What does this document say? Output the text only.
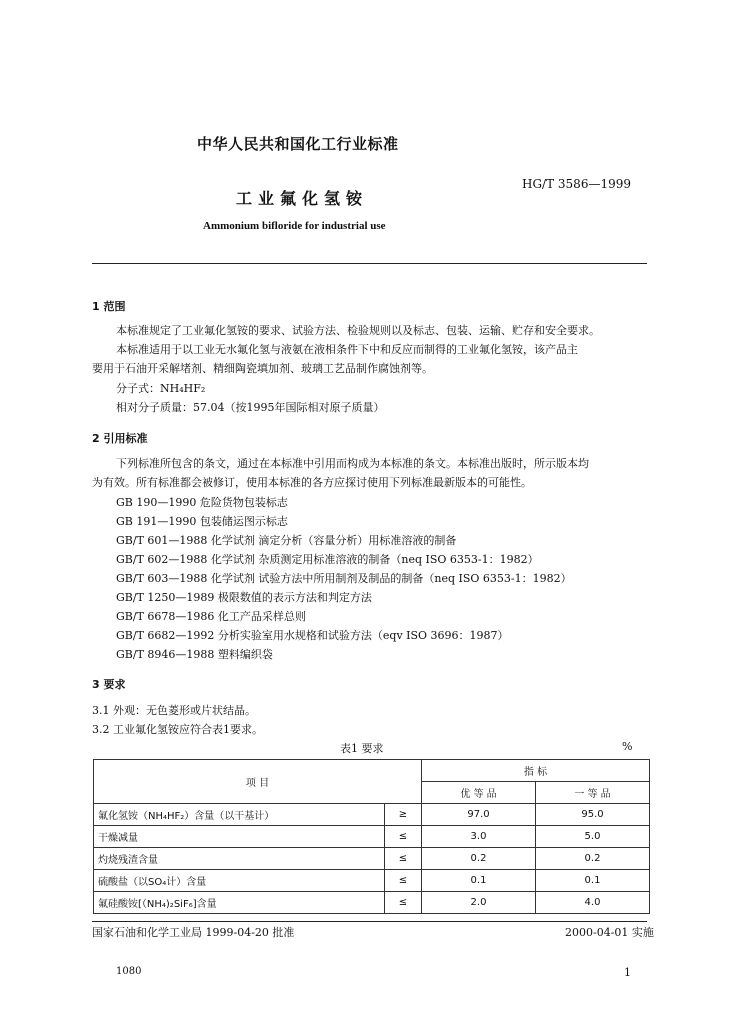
中华人民共和国化工行业标准
HG/T 3586—1999
工业氟化氢铵
Ammonium bifloride for industrial use
1 范围
本标准规定了工业氟化氢铵的要求、试验方法、检验规则以及标志、包装、运输、贮存和安全要求。
本标准适用于以工业无水氟化氢与液氨在液相条件下中和反应而制得的工业氟化氢铵，该产品主
要用于石油开采解堵剂、精细陶瓷填加剂、玻璃工艺品制作腐蚀剂等。
分子式：NH₄HF₂
相对分子质量：57.04（按1995年国际相对原子质量）
2 引用标准
下列标准所包含的条文，通过在本标准中引用而构成为本标准的条文。本标准出版时，所示版本均
为有效。所有标准都会被修订，使用本标准的各方应探讨使用下列标准最新版本的可能性。
GB 190—1990 危险货物包装标志
GB 191—1990 包装储运图示标志
GB/T 601—1988 化学试剂 滴定分析（容量分析）用标准溶液的制备
GB/T 602—1988 化学试剂 杂质测定用标准溶液的制备（neq ISO 6353-1：1982）
GB/T 603—1988 化学试剂 试验方法中所用制剂及制品的制备（neq ISO 6353-1：1982）
GB/T 1250—1989 极限数值的表示方法和判定方法
GB/T 6678—1986 化工产品采样总则
GB/T 6682—1992 分析实验室用水规格和试验方法（eqv ISO 3696：1987）
GB/T 8946—1988 塑料编织袋
3 要求
3.1 外观：无色菱形或片状结晶。
3.2 工业氟化氢铵应符合表1要求。
表1 要求	%
项 目		指 标	
		优 等 品	一 等 品
氟化氢铵（NH₄HF₂）含量（以干基计）	≥	97.0	95.0
干燥减量	≤	3.0	5.0
灼烧残渣含量	≤	0.2	0.2
硫酸盐（以SO₄计）含量	≤	0.1	0.1
氟硅酸铵[（NH₄)₂SiF₆]含量	≤	2.0	4.0
国家石油和化学工业局 1999-04-20 批准	2000-04-01 实施
1080	1
